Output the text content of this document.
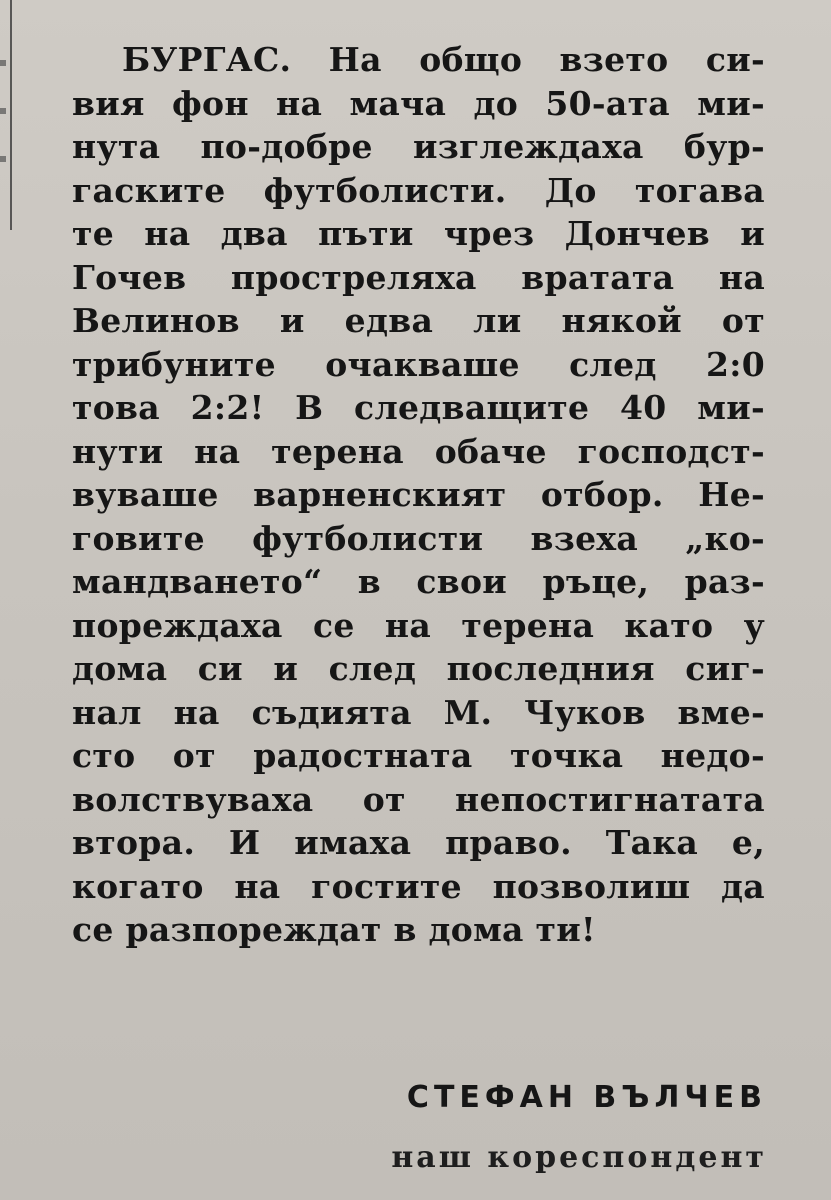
БУРГАС. На общо взето си-
вия фон на мача до 50-ата ми-
нута по-добре изглеждаха бур-
гаските футболисти. До тогава
те на два пъти чрез Дончев и
Гочев простреляха вратата на
Велинов и едва ли някой от
трибуните очакваше след 2:0
това 2:2! В следващите 40 ми-
нути на терена обаче господст-
вуваше варненският отбор. Не-
говите футболисти взеха „ко-
мандването“ в свои ръце, раз-
пореждаха се на терена като у
дома си и след последния сиг-
нал на съдията М. Чуков вме-
сто от радостната точка недо-
волствуваха от непостигнатата
втора. И имаха право. Така е,
когато на гостите позволиш да
се разпореждат в дома ти!
СТЕФАН ВЪЛЧЕВ
наш кореспондент
